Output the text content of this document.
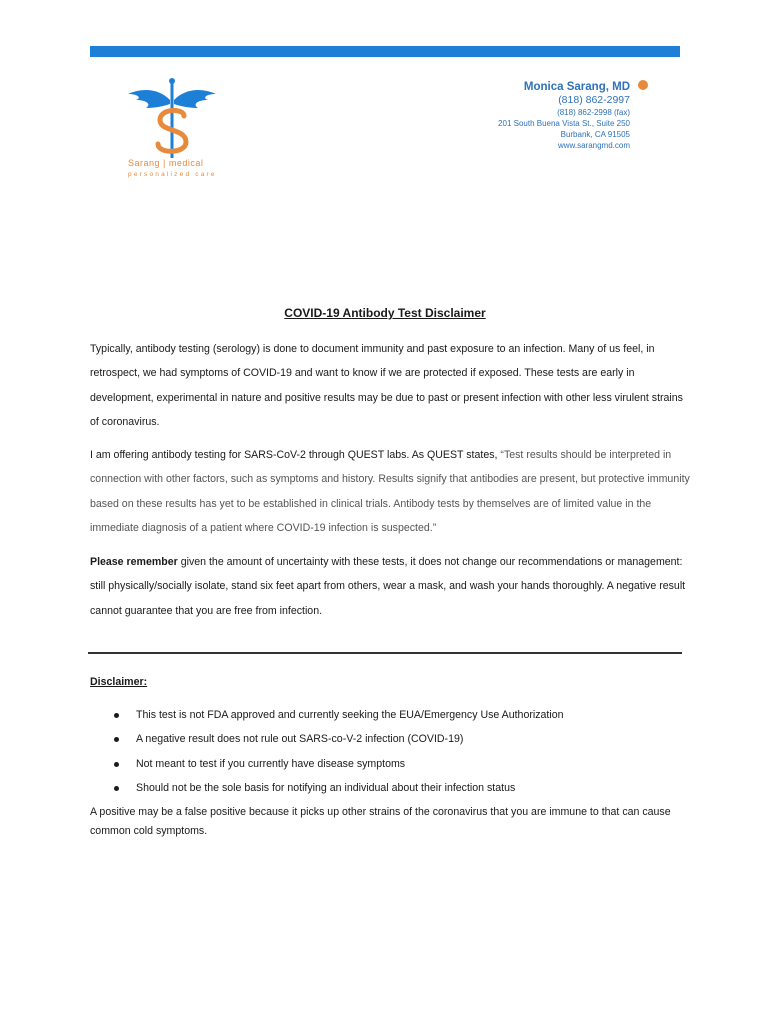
Sarang | medical
personalized care
Monica Sarang, MD
(818) 862-2997
(818) 862-2998 (fax)
201 South Buena Vista St., Suite 250
Burbank, CA 91505
www.sarangmd.com
COVID-19 Antibody Test Disclaimer

Typically, antibody testing (serology) is done to document immunity and past exposure to an infection. Many of us feel, in retrospect, we had symptoms of COVID-19 and want to know if we are protected if exposed. These tests are early in development, experimental in nature and positive results may be due to past or present infection with other less virulent strains of coronavirus.

I am offering antibody testing for SARS-CoV-2 through QUEST labs. As QUEST states, “Test results should be interpreted in connection with other factors, such as symptoms and history. Results signify that antibodies are present, but protective immunity based on these results has yet to be established in clinical trials. Antibody tests by themselves are of limited value in the immediate diagnosis of a patient where COVID-19 infection is suspected.”

Please remember given the amount of uncertainty with these tests, it does not change our recommendations or management: still physically/socially isolate, stand six feet apart from others, wear a mask, and wash your hands thoroughly. A negative result cannot guarantee that you are free from infection.

Disclaimer:
This test is not FDA approved and currently seeking the EUA/Emergency Use Authorization
A negative result does not rule out SARS-co-V-2 infection (COVID-19)
Not meant to test if you currently have disease symptoms
Should not be the sole basis for notifying an individual about their infection status

A positive may be a false positive because it picks up other strains of the coronavirus that you are immune to that can cause common cold symptoms.
